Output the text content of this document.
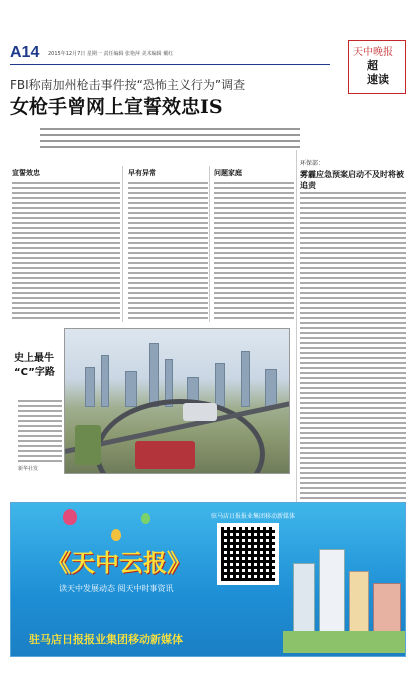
A14 2015年12月7日 星期一 责任编辑 张艳萍 美术编辑 戴红	天中晚报
超
速读
FBI称南加州枪击事件按“恐怖主义行为”调查
女枪手曾网上宣誓效忠IS
宣誓效忠	早有异常	问题家庭
史上最牛
“C”字路
新华社发
环保部：
雾霾应急预案启动不及时将被追责
驻马店日报报业集团移动新媒体
《天中云报》
读天中发展动态 阅天中时事资讯
驻马店日报报业集团移动新媒体
